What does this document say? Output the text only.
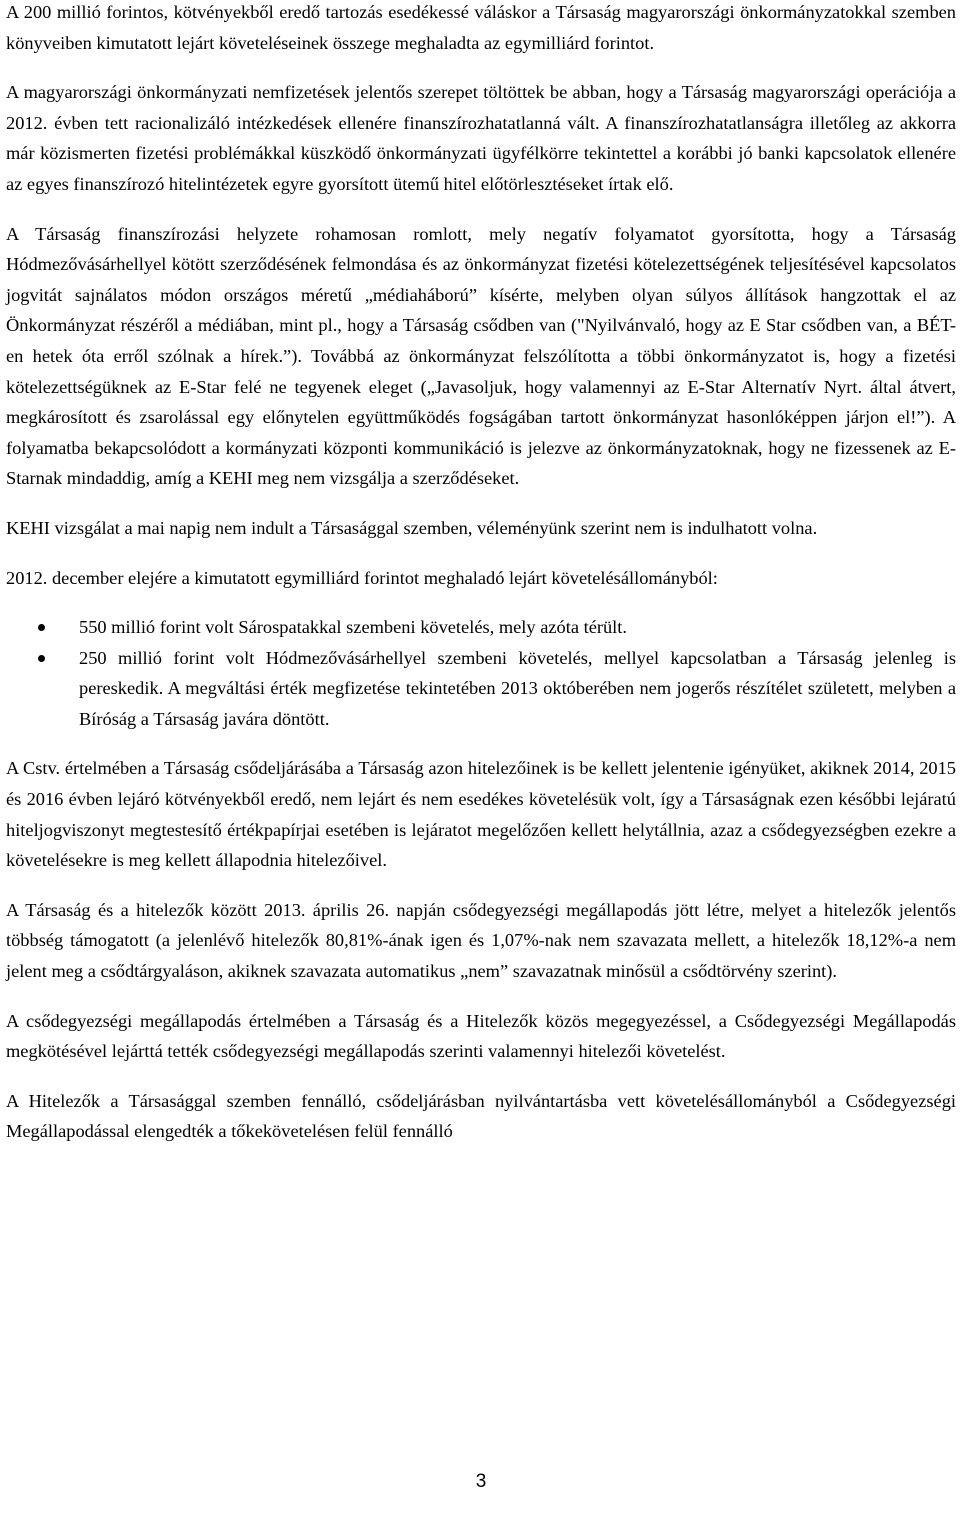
A 200 millió forintos, kötvényekből eredő tartozás esedékessé váláskor a Társaság magyarországi önkormányzatokkal szemben könyveiben kimutatott lejárt követeléseinek összege meghaladta az egymilliárd forintot.

A magyarországi önkormányzati nemfizetések jelentős szerepet töltöttek be abban, hogy a Társaság magyarországi operációja a 2012. évben tett racionalizáló intézkedések ellenére finanszírozhatatlanná vált. A finanszírozhatatlanságra illetőleg az akkorra már közismerten fizetési problémákkal küszködő önkormányzati ügyfélkörre tekintettel a korábbi jó banki kapcsolatok ellenére az egyes finanszírozó hitelintézetek egyre gyorsított ütemű hitel előtörlesztéseket írtak elő.

A Társaság finanszírozási helyzete rohamosan romlott, mely negatív folyamatot gyorsította, hogy a Társaság Hódmezővásárhellyel kötött szerződésének felmondása és az önkormányzat fizetési kötelezettségének teljesítésével kapcsolatos jogvitát sajnálatos módon országos méretű „médiaháború” kísérte, melyben olyan súlyos állítások hangzottak el az Önkormányzat részéről a médiában, mint pl., hogy a Társaság csődben van ("Nyilvánvaló, hogy az E Star csődben van, a BÉT-en hetek óta erről szólnak a hírek.”). Továbbá az önkormányzat felszólította a többi önkormányzatot is, hogy a fizetési kötelezettségüknek az E-Star felé ne tegyenek eleget („Javasoljuk, hogy valamennyi az E-Star Alternatív Nyrt. által átvert, megkárosított és zsarolással egy előnytelen együttműködés fogságában tartott önkormányzat hasonlóképpen járjon el!”). A folyamatba bekapcsolódott a kormányzati központi kommunikáció is jelezve az önkormányzatoknak, hogy ne fizessenek az E-Starnak mindaddig, amíg a KEHI meg nem vizsgálja a szerződéseket.

KEHI vizsgálat a mai napig nem indult a Társasággal szemben, véleményünk szerint nem is indulhatott volna.

2012. december elejére a kimutatott egymilliárd forintot meghaladó lejárt követelésállományból:

550 millió forint volt Sárospatakkal szembeni követelés, mely azóta térült.
250 millió forint volt Hódmezővásárhellyel szembeni követelés, mellyel kapcsolatban a Társaság jelenleg is pereskedik. A megváltási érték megfizetése tekintetében 2013 októberében nem jogerős részítélet született, melyben a Bíróság a Társaság javára döntött.

A Cstv. értelmében a Társaság csődeljárásába a Társaság azon hitelezőinek is be kellett jelentenie igényüket, akiknek 2014, 2015 és 2016 évben lejáró kötvényekből eredő, nem lejárt és nem esedékes követelésük volt, így a Társaságnak ezen későbbi lejáratú hiteljogviszonyt megtestesítő értékpapírjai esetében is lejáratot megelőzően kellett helytállnia, azaz a csődegyezségben ezekre a követelésekre is meg kellett állapodnia hitelezőivel.

A Társaság és a hitelezők között 2013. április 26. napján csődegyezségi megállapodás jött létre, melyet a hitelezők jelentős többség támogatott (a jelenlévő hitelezők 80,81%-ának igen és 1,07%-nak nem szavazata mellett, a hitelezők 18,12%-a nem jelent meg a csődtárgyaláson, akiknek szavazata automatikus „nem” szavazatnak minősül a csődtörvény szerint).

A csődegyezségi megállapodás értelmében a Társaság és a Hitelezők közös megegyezéssel, a Csődegyezségi Megállapodás megkötésével lejárttá tették csődegyezségi megállapodás szerinti valamennyi hitelezői követelést.

A Hitelezők a Társasággal szemben fennálló, csődeljárásban nyilvántartásba vett követelésállományból a Csődegyezségi Megállapodással elengedték a tőkekövetelésen felül fennálló

3
